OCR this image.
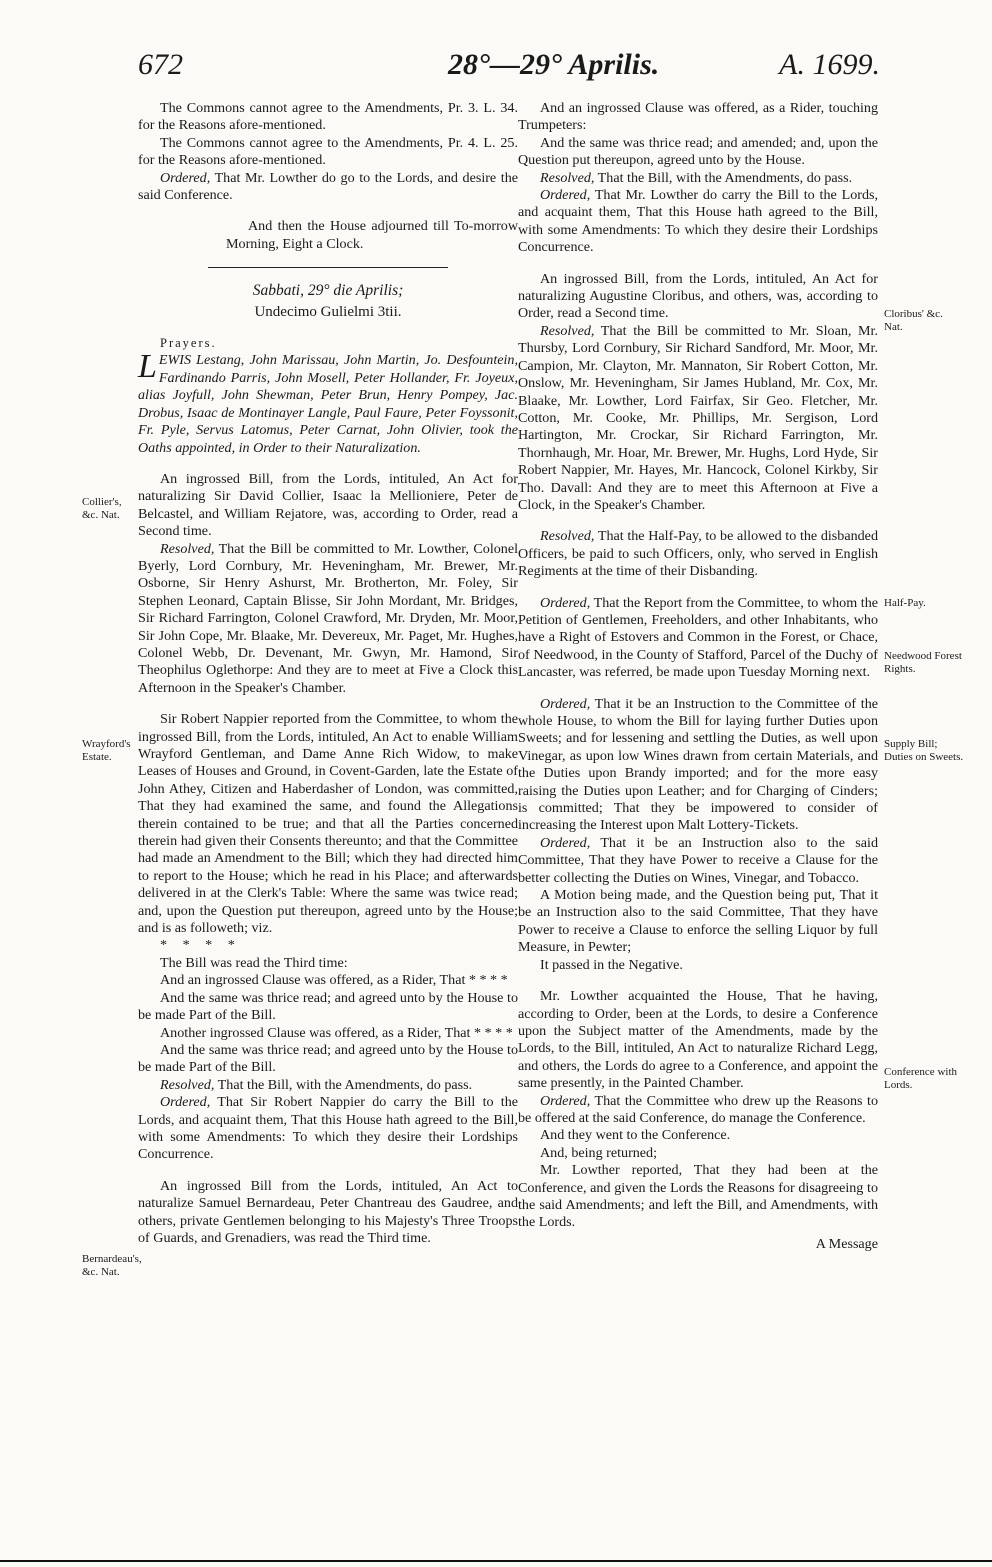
672	28°—29° Aprilis.	A. 1699.

The Commons cannot agree to the Amendments, Pr. 3. L. 34. for the Reasons afore-mentioned.

The Commons cannot agree to the Amendments, Pr. 4. L. 25. for the Reasons afore-mentioned.

Ordered, That Mr. Lowther do go to the Lords, and desire the said Conference.

And then the House adjourned till To-morrow Morning, Eight a Clock.

Sabbati, 29° die Aprilis;
Undecimo Gulielmi 3tii.
Prayers.

LEWIS Lestang, John Marissau, John Martin, Jo. Desfountein, Fardinando Parris, John Mosell, Peter Hollander, Fr. Joyeux, alias Joyfull, John Shewman, Peter Brun, Henry Pompey, Jac. Drobus, Isaac de Montinayer Langle, Paul Faure, Peter Foyssonit, Fr. Pyle, Servus Latomus, Peter Carnat, John Olivier, took the Oaths appointed, in Order to their Naturalization.

An ingrossed Bill, from the Lords, intituled, An Act for naturalizing Sir David Collier, Isaac la Mellioniere, Peter de Belcastel, and William Rejatore, was, according to Order, read a Second time.

Resolved, That the Bill be committed to Mr. Lowther, Colonel Byerly, Lord Cornbury, Mr. Heveningham, Mr. Brewer, Mr. Osborne, Sir Henry Ashurst, Mr. Brotherton, Mr. Foley, Sir Stephen Leonard, Captain Blisse, Sir John Mordant, Mr. Bridges, Sir Richard Farrington, Colonel Crawford, Mr. Dryden, Mr. Moor, Sir John Cope, Mr. Blaake, Mr. Devereux, Mr. Paget, Mr. Hughes, Colonel Webb, Dr. Devenant, Mr. Gwyn, Mr. Hamond, Sir Theophilus Oglethorpe: And they are to meet at Five a Clock this Afternoon in the Speaker's Chamber.

Sir Robert Nappier reported from the Committee, to whom the ingrossed Bill, from the Lords, intituled, An Act to enable William Wrayford Gentleman, and Dame Anne Rich Widow, to make Leases of Houses and Ground, in Covent-Garden, late the Estate of John Athey, Citizen and Haberdasher of London, was committed, That they had examined the same, and found the Allegations therein contained to be true; and that all the Parties concerned therein had given their Consents thereunto; and that the Committee had made an Amendment to the Bill; which they had directed him to report to the House; which he read in his Place; and afterwards delivered in at the Clerk's Table: Where the same was twice read; and, upon the Question put thereupon, agreed unto by the House; and is as followeth; viz.

* * * *

The Bill was read the Third time:

And an ingrossed Clause was offered, as a Rider, That * * * *

And the same was thrice read; and agreed unto by the House to be made Part of the Bill.

Another ingrossed Clause was offered, as a Rider, That * * * *

And the same was thrice read; and agreed unto by the House to be made Part of the Bill.

Resolved, That the Bill, with the Amendments, do pass.

Ordered, That Sir Robert Nappier do carry the Bill to the Lords, and acquaint them, That this House hath agreed to the Bill, with some Amendments: To which they desire their Lordships Concurrence.

An ingrossed Bill from the Lords, intituled, An Act to naturalize Samuel Bernardeau, Peter Chantreau des Gaudree, and others, private Gentlemen belonging to his Majesty's Three Troops of Guards, and Grenadiers, was read the Third time.

And an ingrossed Clause was offered, as a Rider, touching Trumpeters:

And the same was thrice read; and amended; and, upon the Question put thereupon, agreed unto by the House.

Resolved, That the Bill, with the Amendments, do pass.

Ordered, That Mr. Lowther do carry the Bill to the Lords, and acquaint them, That this House hath agreed to the Bill, with some Amendments: To which they desire their Lordships Concurrence.

An ingrossed Bill, from the Lords, intituled, An Act for naturalizing Augustine Cloribus, and others, was, according to Order, read a Second time.

Resolved, That the Bill be committed to Mr. Sloan, Mr. Thursby, Lord Cornbury, Sir Richard Sandford, Mr. Moor, Mr. Campion, Mr. Clayton, Mr. Mannaton, Sir Robert Cotton, Mr. Onslow, Mr. Heveningham, Sir James Hubland, Mr. Cox, Mr. Blaake, Mr. Lowther, Lord Fairfax, Sir Geo. Fletcher, Mr. Cotton, Mr. Cooke, Mr. Phillips, Mr. Sergison, Lord Hartington, Mr. Crockar, Sir Richard Farrington, Mr. Thornhaugh, Mr. Hoar, Mr. Brewer, Mr. Hughs, Lord Hyde, Sir Robert Nappier, Mr. Hayes, Mr. Hancock, Colonel Kirkby, Sir Tho. Davall: And they are to meet this Afternoon at Five a Clock, in the Speaker's Chamber.

Resolved, That the Half-Pay, to be allowed to the disbanded Officers, be paid to such Officers, only, who served in English Regiments at the time of their Disbanding.

Ordered, That the Report from the Committee, to whom the Petition of Gentlemen, Freeholders, and other Inhabitants, who have a Right of Estovers and Common in the Forest, or Chace, of Needwood, in the County of Stafford, Parcel of the Duchy of Lancaster, was referred, be made upon Tuesday Morning next.

Ordered, That it be an Instruction to the Committee of the whole House, to whom the Bill for laying further Duties upon Sweets; and for lessening and settling the Duties, as well upon Vinegar, as upon low Wines drawn from certain Materials, and the Duties upon Brandy imported; and for the more easy raising the Duties upon Leather; and for Charging of Cinders; is committed; That they be impowered to consider of increasing the Interest upon Malt Lottery-Tickets.

Ordered, That it be an Instruction also to the said Committee, That they have Power to receive a Clause for the better collecting the Duties on Wines, Vinegar, and Tobacco.

A Motion being made, and the Question being put, That it be an Instruction also to the said Committee, That they have Power to receive a Clause to enforce the selling Liquor by full Measure, in Pewter;

It passed in the Negative.

Mr. Lowther acquainted the House, That he having, according to Order, been at the Lords, to desire a Conference upon the Subject matter of the Amendments, made by the Lords, to the Bill, intituled, An Act to naturalize Richard Legg, and others, the Lords do agree to a Conference, and appoint the same presently, in the Painted Chamber.

Ordered, That the Committee who drew up the Reasons to be offered at the said Conference, do manage the Conference.

And they went to the Conference.

And, being returned;

Mr. Lowther reported, That they had been at the Conference, and given the Lords the Reasons for disagreeing to the said Amendments; and left the Bill, and Amendments, with the Lords.

A Message
Collier's, &c. Nat.
Wrayford's Estate.
Bernardeau's, &c. Nat.
Cloribus' &c. Nat.
Half-Pay.
Needwood Forest Rights.
Supply Bill; Duties on Sweets.
Conference with Lords.
